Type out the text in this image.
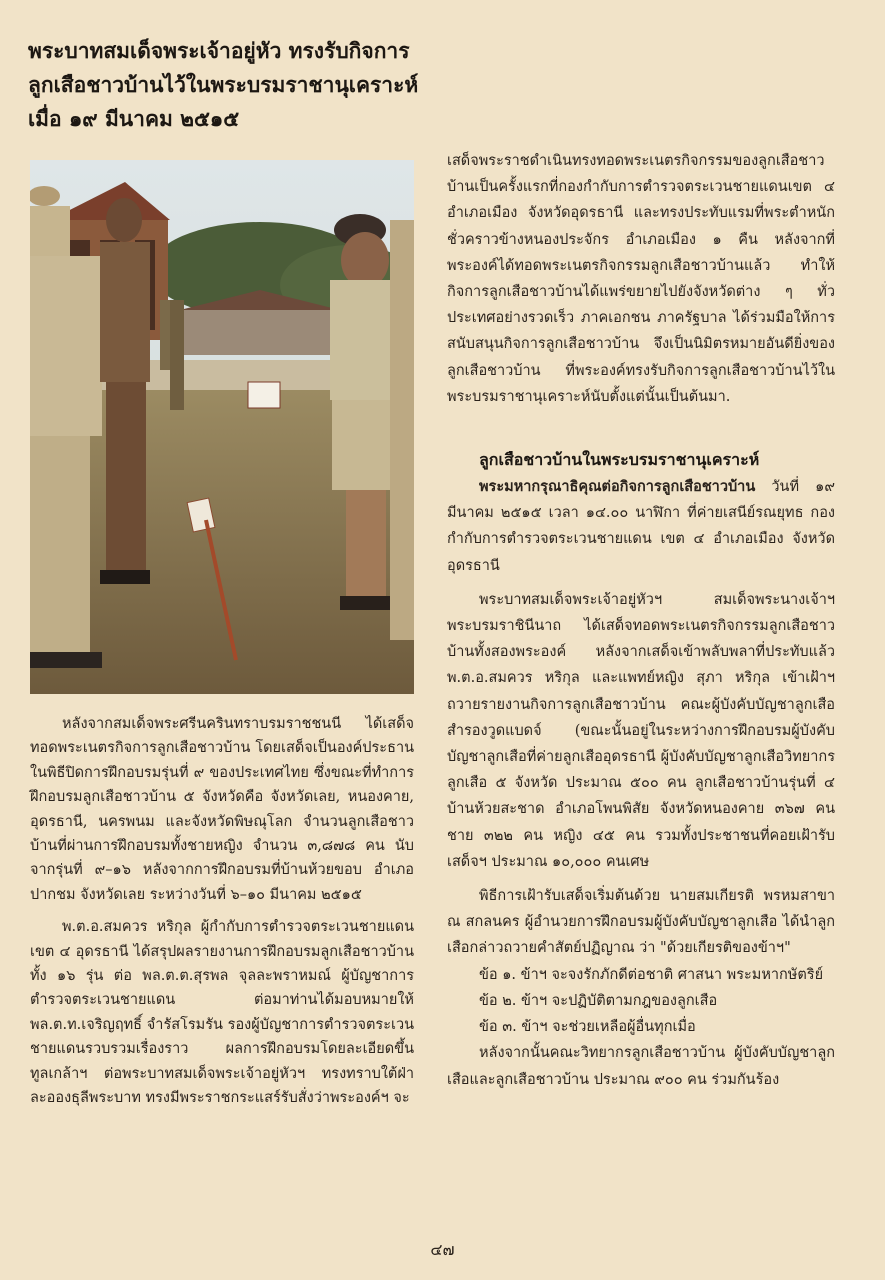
พระบาทสมเด็จพระเจ้าอยู่หัว ทรงรับกิจการ
ลูกเสือชาวบ้านไว้ในพระบรมราชานุเคราะห์
เมื่อ ๑๙ มีนาคม ๒๕๑๕

หลังจากสมเด็จพระศรีนครินทราบรมราชชนนี ได้เสด็จทอดพระเนตรกิจการลูกเสือชาวบ้าน โดยเสด็จเป็นองค์ประธานในพิธีปิดการฝึกอบรมรุ่นที่ ๙ ของประเทศไทย ซึ่งขณะที่ทำการฝึกอบรมลูกเสือชาวบ้าน ๕ จังหวัดคือ จังหวัดเลย, หนองคาย, อุดรธานี, นครพนม และจังหวัดพิษณุโลก จำนวนลูกเสือชาวบ้านที่ผ่านการฝึกอบรมทั้งชายหญิง จำนวน ๓,๘๗๘ คน นับจากรุ่นที่ ๙–๑๖ หลังจากการฝึกอบรมที่บ้านห้วยขอบ อำเภอปากชม จังหวัดเลย ระหว่างวันที่ ๖–๑๐ มีนาคม ๒๕๑๕

พ.ต.อ.สมควร หริกุล ผู้กำกับการตำรวจตระเวนชายแดนเขต ๔ อุดรธานี ได้สรุปผลรายงานการฝึกอบรมลูกเสือชาวบ้านทั้ง ๑๖ รุ่น ต่อ พล.ต.ต.สุรพล จุลละพราหมณ์ ผู้บัญชาการตำรวจตระเวนชายแดน ต่อมาท่านได้มอบหมายให้ พล.ต.ท.เจริญฤทธิ์ จำรัสโรมรัน รองผู้บัญชาการตำรวจตระเวนชายแดนรวบรวมเรื่องราว ผลการฝึกอบรมโดยละเอียดขึ้นทูลเกล้าฯ ต่อพระบาทสมเด็จพระเจ้าอยู่หัวฯ ทรงทราบใต้ฝ่าละอองธุลีพระบาท ทรงมีพระราชกระแสร์รับสั่งว่าพระองค์ฯ จะ

เสด็จพระราชดำเนินทรงทอดพระเนตรกิจกรรมของลูกเสือชาวบ้านเป็นครั้งแรกที่กองกำกับการตำรวจตระเวนชายแดนเขต ๔ อำเภอเมือง จังหวัดอุดรธานี และทรงประทับแรมที่พระตำหนักชั่วคราวข้างหนองประจักร อำเภอเมือง ๑ คืน หลังจากที่พระองค์ได้ทอดพระเนตรกิจกรรมลูกเสือชาวบ้านแล้ว ทำให้กิจการลูกเสือชาวบ้านได้แพร่ขยายไปยังจังหวัดต่าง ๆ ทั่วประเทศอย่างรวดเร็ว ภาคเอกชน ภาครัฐบาล ได้ร่วมมือให้การสนับสนุนกิจการลูกเสือชาวบ้าน จึงเป็นนิมิตรหมายอันดียิ่งของลูกเสือชาวบ้าน ที่พระองค์ทรงรับกิจการลูกเสือชาวบ้านไว้ในพระบรมราชานุเคราะห์นับตั้งแต่นั้นเป็นต้นมา.

ลูกเสือชาวบ้านในพระบรมราชานุเคราะห์

พระมหากรุณาธิคุณต่อกิจการลูกเสือชาวบ้าน วันที่ ๑๙ มีนาคม ๒๕๑๕ เวลา ๑๔.๐๐ นาฬิกา ที่ค่ายเสนีย์รณยุทธ กองกำกับการตำรวจตระเวนชายแดน เขต ๔ อำเภอเมือง จังหวัดอุดรธานี

พระบาทสมเด็จพระเจ้าอยู่หัวฯ สมเด็จพระนางเจ้าฯ พระบรมราชินีนาถ ได้เสด็จทอดพระเนตรกิจกรรมลูกเสือชาวบ้านทั้งสองพระองค์ หลังจากเสด็จเข้าพลับพลาที่ประทับแล้ว พ.ต.อ.สมควร หริกุล และแพทย์หญิง สุภา หริกุล เข้าเฝ้าฯ ถวายรายงานกิจการลูกเสือชาวบ้าน คณะผู้บังคับบัญชาลูกเสือสำรองวูดแบดจ์ (ขณะนั้นอยู่ในระหว่างการฝึกอบรมผู้บังคับบัญชาลูกเสือที่ค่ายลูกเสืออุดรธานี ผู้บังคับบัญชาลูกเสือวิทยากรลูกเสือ ๕ จังหวัด ประมาณ ๕๐๐ คน ลูกเสือชาวบ้านรุ่นที่ ๔ บ้านห้วยสะชาด อำเภอโพนพิสัย จังหวัดหนองคาย ๓๖๗ คน ชาย ๓๒๒ คน หญิง ๔๕ คน รวมทั้งประชาชนที่คอยเฝ้ารับเสด็จฯ ประมาณ ๑๐,๐๐๐ คนเศษ

พิธีการเฝ้ารับเสด็จเริ่มต้นด้วย นายสมเกียรติ พรหมสาขา ณ สกลนคร ผู้อำนวยการฝึกอบรมผู้บังคับบัญชาลูกเสือ ได้นำลูกเสือกล่าวถวายคำสัตย์ปฏิญาณ ว่า "ด้วยเกียรติของข้าฯ"

ข้อ ๑. ข้าฯ จะจงรักภักดีต่อชาติ ศาสนา พระมหากษัตริย์

ข้อ ๒. ข้าฯ จะปฏิบัติตามกฎของลูกเสือ

ข้อ ๓. ข้าฯ จะช่วยเหลือผู้อื่นทุกเมื่อ

หลังจากนั้นคณะวิทยากรลูกเสือชาวบ้าน ผู้บังคับบัญชาลูกเสือและลูกเสือชาวบ้าน ประมาณ ๙๐๐ คน ร่วมกันร้อง

๔๗
